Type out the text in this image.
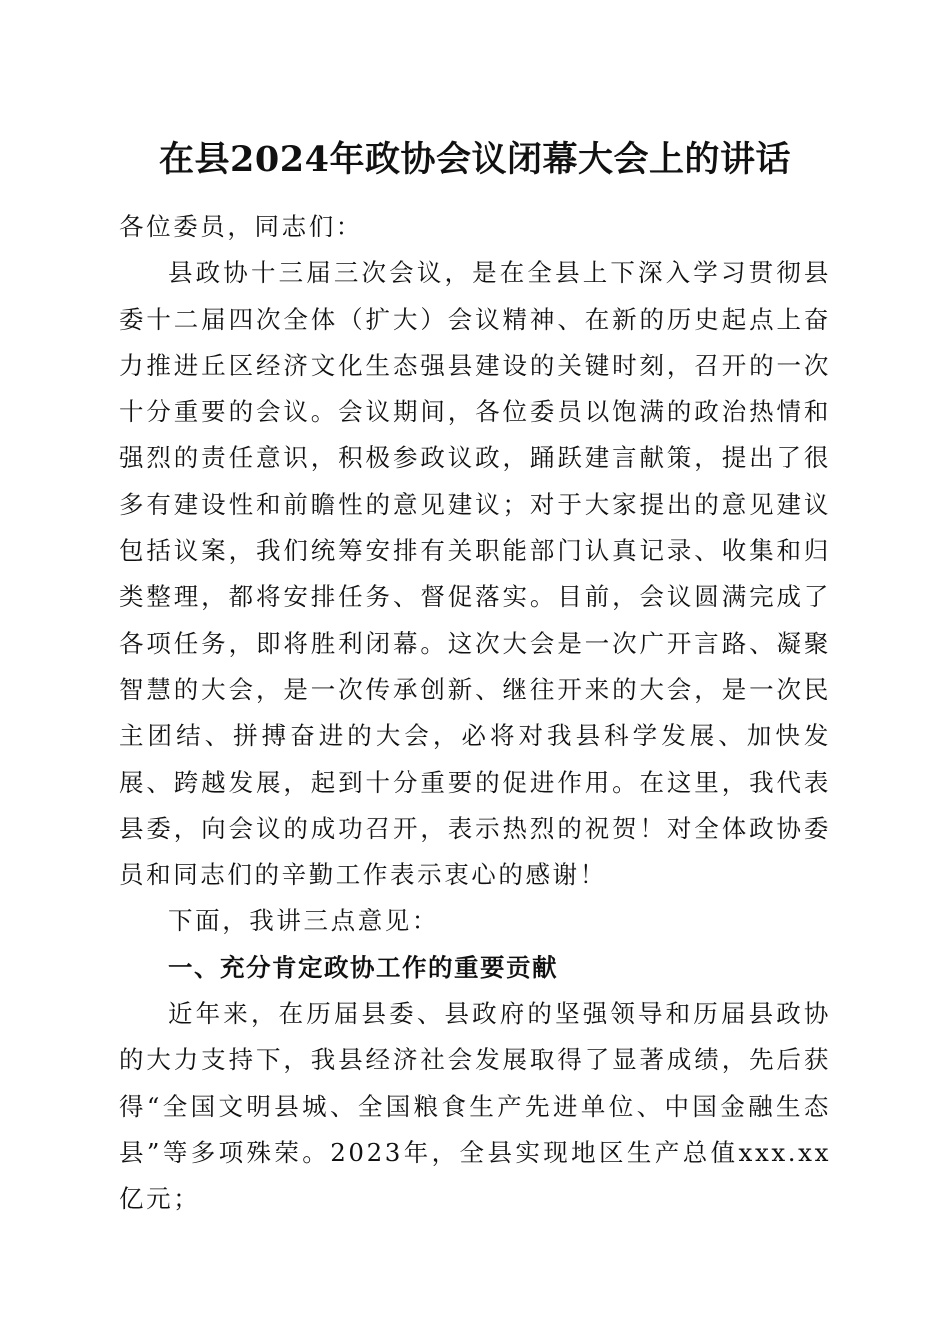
在县2024年政协会议闭幕大会上的讲话

各位委员，同志们：

县政协十三届三次会议，是在全县上下深入学习贯彻县委十二届四次全体（扩大）会议精神、在新的历史起点上奋力推进丘区经济文化生态强县建设的关键时刻，召开的一次十分重要的会议。会议期间，各位委员以饱满的政治热情和强烈的责任意识，积极参政议政，踊跃建言献策，提出了很多有建设性和前瞻性的意见建议；对于大家提出的意见建议包括议案，我们统筹安排有关职能部门认真记录、收集和归类整理，都将安排任务、督促落实。目前，会议圆满完成了各项任务，即将胜利闭幕。这次大会是一次广开言路、凝聚智慧的大会，是一次传承创新、继往开来的大会，是一次民主团结、拼搏奋进的大会，必将对我县科学发展、加快发展、跨越发展，起到十分重要的促进作用。在这里，我代表县委，向会议的成功召开，表示热烈的祝贺！对全体政协委员和同志们的辛勤工作表示衷心的感谢！

下面，我讲三点意见：

一、充分肯定政协工作的重要贡献

近年来，在历届县委、县政府的坚强领导和历届县政协的大力支持下，我县经济社会发展取得了显著成绩，先后获得“全国文明县城、全国粮食生产先进单位、中国金融生态县”等多项殊荣。2023年，全县实现地区生产总值xxx.xx亿元；
